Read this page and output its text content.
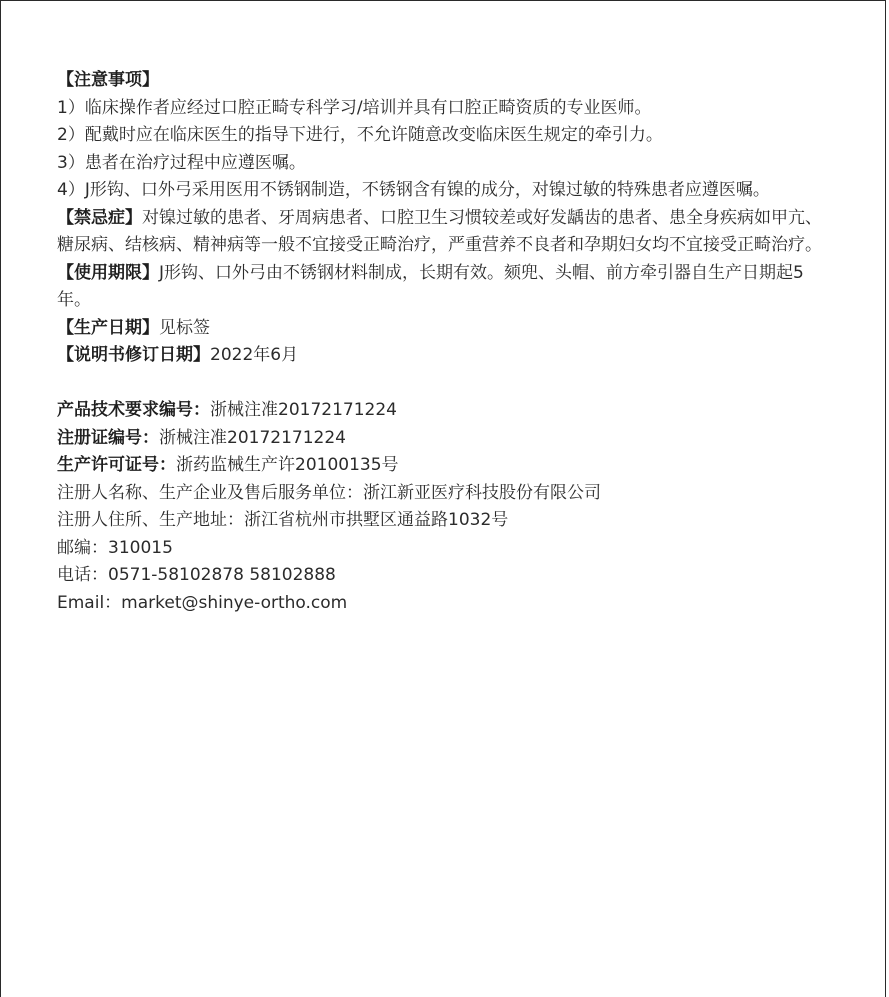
【注意事项】
1）临床操作者应经过口腔正畸专科学习/培训并具有口腔正畸资质的专业医师。
2）配戴时应在临床医生的指导下进行，不允许随意改变临床医生规定的牵引力。
3）患者在治疗过程中应遵医嘱。
4）J形钩、口外弓采用医用不锈钢制造，不锈钢含有镍的成分，对镍过敏的特殊患者应遵医嘱。
【禁忌症】对镍过敏的患者、牙周病患者、口腔卫生习惯较差或好发龋齿的患者、患全身疾病如甲亢、糖尿病、结核病、精神病等一般不宜接受正畸治疗，严重营养不良者和孕期妇女均不宜接受正畸治疗。
【使用期限】J形钩、口外弓由不锈钢材料制成，长期有效。颏兜、头帽、前方牵引器自生产日期起5年。
【生产日期】见标签
【说明书修订日期】2022年6月
产品技术要求编号：浙械注准20172171224
注册证编号：浙械注准20172171224
生产许可证号：浙药监械生产许20100135号
注册人名称、生产企业及售后服务单位：浙江新亚医疗科技股份有限公司
注册人住所、生产地址：浙江省杭州市拱墅区通益路1032号
邮编：310015
电话：0571-58102878 58102888
Email：market@shinye-ortho.com
